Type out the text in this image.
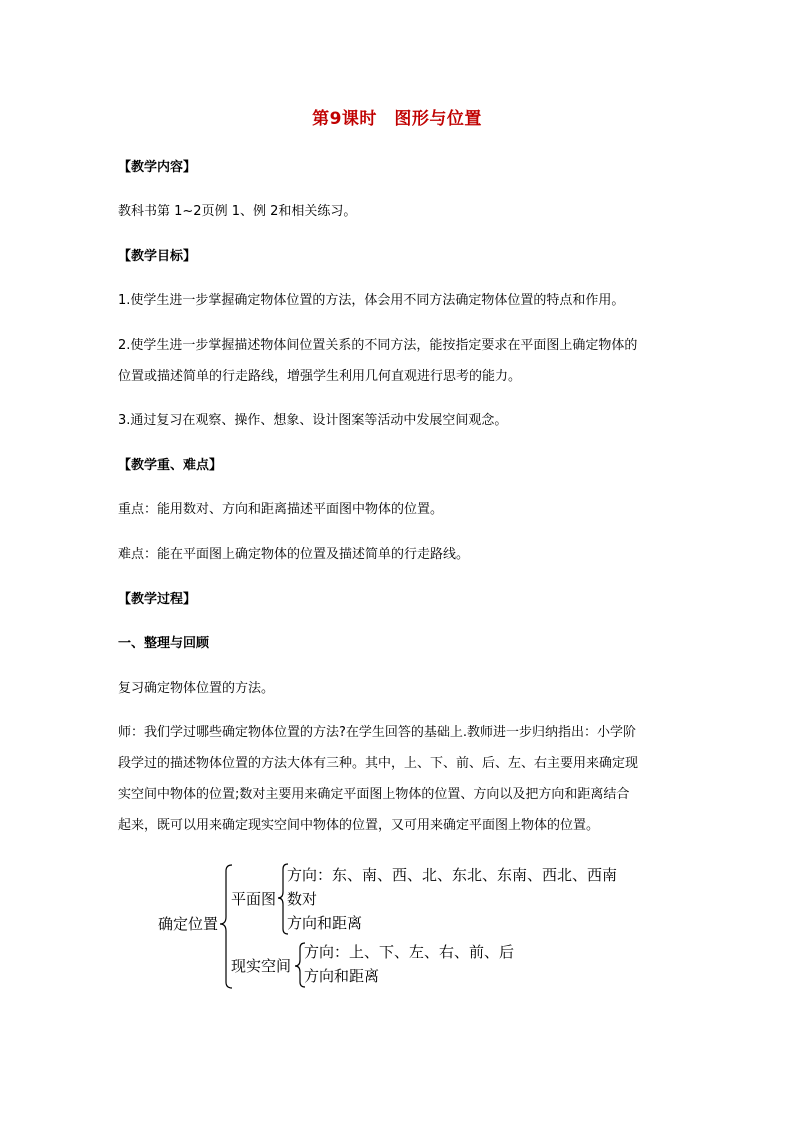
第9课时　图形与位置
【教学内容】
教科书第 1~2页例 1、例 2和相关练习。
【教学目标】
1.使学生进一步掌握确定物体位置的方法，体会用不同方法确定物体位置的特点和作用。
2.使学生进一步掌握描述物体间位置关系的不同方法，能按指定要求在平面图上确定物体的
位置或描述简单的行走路线，增强学生利用几何直观进行思考的能力。
3.通过复习在观察、操作、想象、设计图案等活动中发展空间观念。
【教学重、难点】
重点：能用数对、方向和距离描述平面图中物体的位置。
难点：能在平面图上确定物体的位置及描述简单的行走路线。
【教学过程】
一、整理与回顾
复习确定物体位置的方法。
师：我们学过哪些确定物体位置的方法?在学生回答的基础上.教师进一步归纳指出：小学阶
段学过的描述物体位置的方法大体有三种。其中，上、下、前、后、左、右主要用来确定现
实空间中物体的位置;数对主要用来确定平面图上物体的位置、方向以及把方向和距离结合
起来，既可以用来确定现实空间中物体的位置，又可用来确定平面图上物体的位置。
确定位置
平面图
方向：东、南、西、北、东北、东南、西北、西南
数对
方向和距离
现实空间
方向：上、下、左、右、前、后
方向和距离
